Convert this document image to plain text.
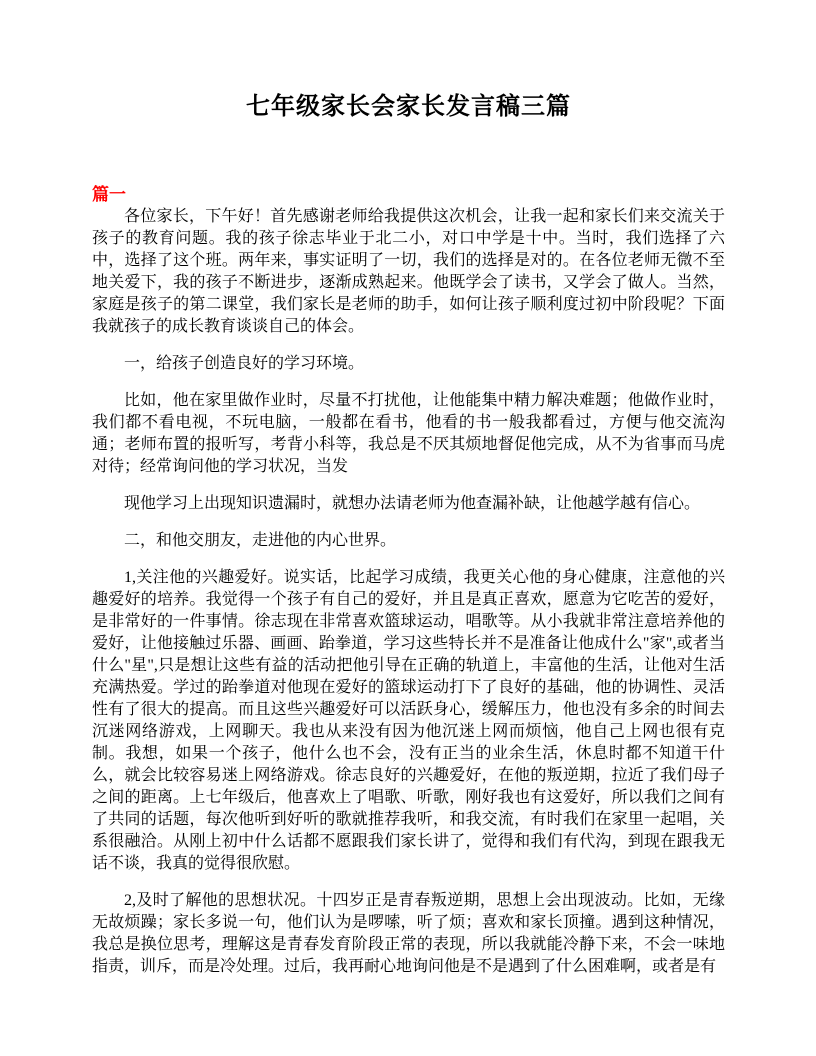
七年级家长会家长发言稿三篇
篇一

各位家长，下午好！首先感谢老师给我提供这次机会，让我一起和家长们来交流关于孩子的教育问题。我的孩子徐志毕业于北二小，对口中学是十中。当时，我们选择了六中，选择了这个班。两年来，事实证明了一切，我们的选择是对的。在各位老师无微不至地关爱下，我的孩子不断进步，逐渐成熟起来。他既学会了读书，又学会了做人。当然，家庭是孩子的第二课堂，我们家长是老师的助手，如何让孩子顺利度过初中阶段呢？下面我就孩子的成长教育谈谈自己的体会。

一，给孩子创造良好的学习环境。

比如，他在家里做作业时，尽量不打扰他，让他能集中精力解决难题；他做作业时，我们都不看电视，不玩电脑，一般都在看书，他看的书一般我都看过，方便与他交流沟通；老师布置的报听写，考背小科等，我总是不厌其烦地督促他完成，从不为省事而马虎对待；经常询问他的学习状况，当发

现他学习上出现知识遗漏时，就想办法请老师为他查漏补缺，让他越学越有信心。

二，和他交朋友，走进他的内心世界。

1,关注他的兴趣爱好。说实话，比起学习成绩，我更关心他的身心健康，注意他的兴趣爱好的培养。我觉得一个孩子有自己的爱好，并且是真正喜欢，愿意为它吃苦的爱好，是非常好的一件事情。徐志现在非常喜欢篮球运动，唱歌等。从小我就非常注意培养他的爱好，让他接触过乐器、画画、跆拳道，学习这些特长并不是准备让他成什么"家",或者当什么"星",只是想让这些有益的活动把他引导在正确的轨道上，丰富他的生活，让他对生活充满热爱。学过的跆拳道对他现在爱好的篮球运动打下了良好的基础，他的协调性、灵活性有了很大的提高。而且这些兴趣爱好可以活跃身心，缓解压力，他也没有多余的时间去沉迷网络游戏，上网聊天。我也从来没有因为他沉迷上网而烦恼，他自己上网也很有克制。我想，如果一个孩子，他什么也不会，没有正当的业余生活，休息时都不知道干什么，就会比较容易迷上网络游戏。徐志良好的兴趣爱好，在他的叛逆期，拉近了我们母子之间的距离。上七年级后，他喜欢上了唱歌、听歌，刚好我也有这爱好，所以我们之间有了共同的话题，每次他听到好听的歌就推荐我听，和我交流，有时我们在家里一起唱，关系很融洽。从刚上初中什么话都不愿跟我们家长讲了，觉得和我们有代沟，到现在跟我无话不谈，我真的觉得很欣慰。

2,及时了解他的思想状况。十四岁正是青春叛逆期，思想上会出现波动。比如，无缘无故烦躁；家长多说一句，他们认为是啰嗦，听了烦；喜欢和家长顶撞。遇到这种情况，我总是换位思考，理解这是青春发育阶段正常的表现，所以我就能冷静下来，不会一味地指责，训斥，而是冷处理。过后，我再耐心地询问他是不是遇到了什么困难啊，或者是有
